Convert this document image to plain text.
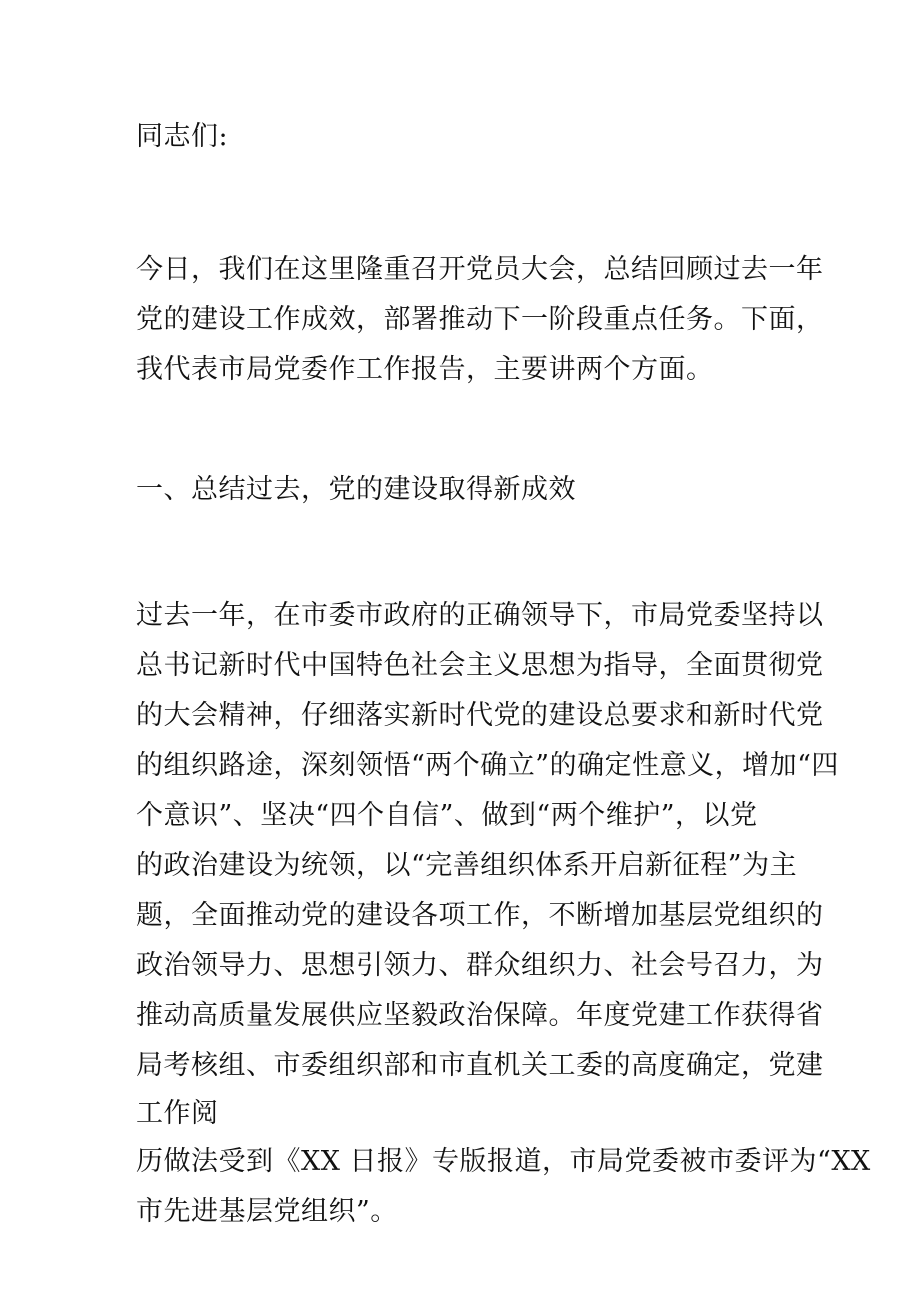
同志们:
今日，我们在这里隆重召开党员大会，总结回顾过去一年
党的建设工作成效，部署推动下一阶段重点任务。下面，
我代表市局党委作工作报告，主要讲两个方面。
一、总结过去，党的建设取得新成效
过去一年，在市委市政府的正确领导下，市局党委坚持以
总书记新时代中国特色社会主义思想为指导，全面贯彻党
的大会精神，仔细落实新时代党的建设总要求和新时代党
的组织路途，深刻领悟“两个确立”的确定性意义，增加“四
个意识”、坚决“四个自信”、做到“两个维护”，以党
的政治建设为统领，以“完善组织体系开启新征程”为主
题，全面推动党的建设各项工作，不断增加基层党组织的
政治领导力、思想引领力、群众组织力、社会号召力，为
推动高质量发展供应坚毅政治保障。年度党建工作获得省
局考核组、市委组织部和市直机关工委的高度确定，党建
工作阅
历做法受到《XX 日报》专版报道，市局党委被市委评为“XX
市先进基层党组织”。
